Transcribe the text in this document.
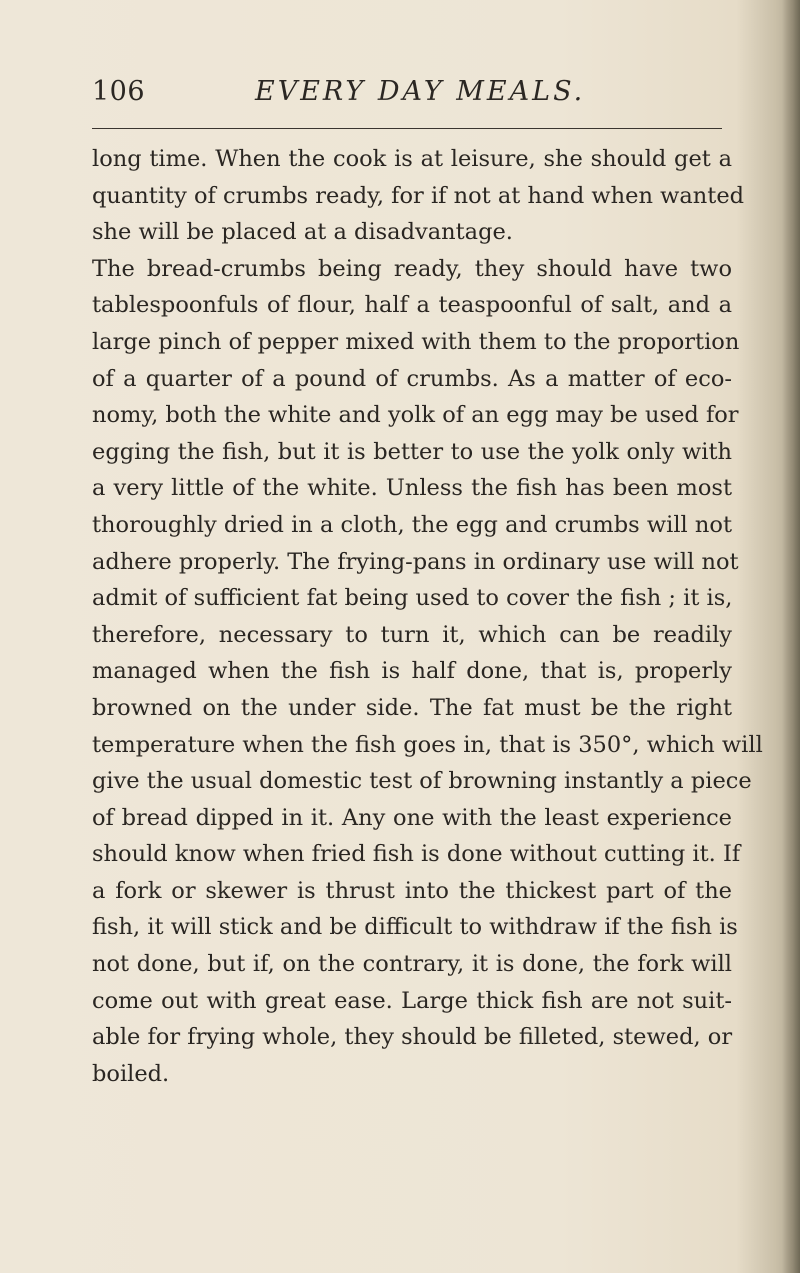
106	EVERY DAY MEALS.
long time. When the cook is at leisure, she should get a
quantity of crumbs ready, for if not at hand when wanted
she will be placed at a disadvantage.
The bread-crumbs being ready, they should have two
tablespoonfuls of flour, half a teaspoonful of salt, and a
large pinch of pepper mixed with them to the proportion
of a quarter of a pound of crumbs. As a matter of eco-
nomy, both the white and yolk of an egg may be used for
egging the fish, but it is better to use the yolk only with
a very little of the white. Unless the fish has been most
thoroughly dried in a cloth, the egg and crumbs will not
adhere properly. The frying-pans in ordinary use will not
admit of sufficient fat being used to cover the fish ; it is,
therefore, necessary to turn it, which can be readily
managed when the fish is half done, that is, properly
browned on the under side. The fat must be the right
temperature when the fish goes in, that is 350°, which will
give the usual domestic test of browning instantly a piece
of bread dipped in it. Any one with the least experience
should know when fried fish is done without cutting it. If
a fork or skewer is thrust into the thickest part of the
fish, it will stick and be difficult to withdraw if the fish is
not done, but if, on the contrary, it is done, the fork will
come out with great ease. Large thick fish are not suit-
able for frying whole, they should be filleted, stewed, or
boiled.
